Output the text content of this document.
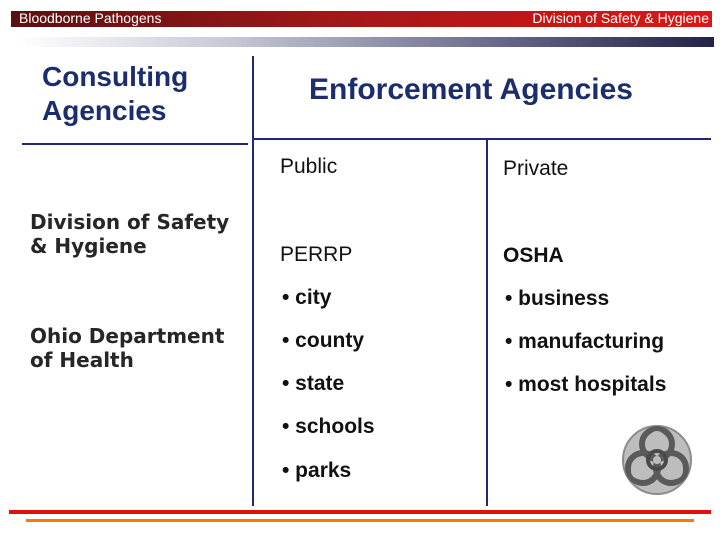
Bloodborne Pathogens	Division of Safety & Hygiene
Consulting Agencies
Enforcement Agencies
Division of Safety & Hygiene
Ohio Department of Health
Public
PERRP
• city
• county
• state
• schools
• parks
Private
OSHA
• business
• manufacturing
• most hospitals
